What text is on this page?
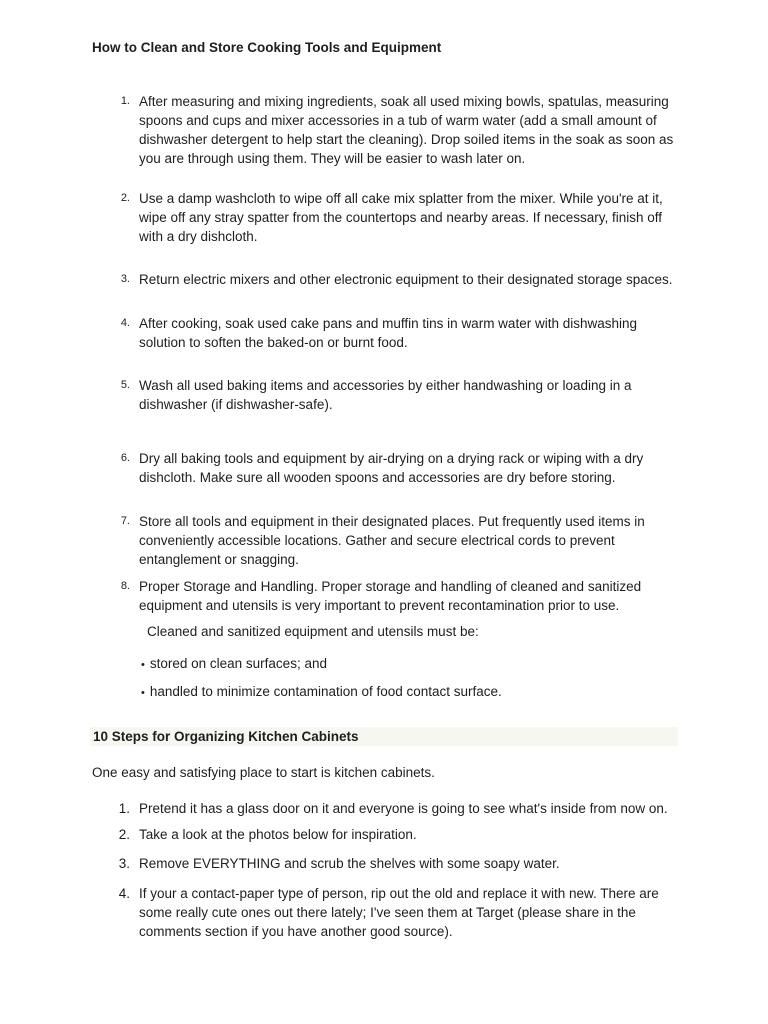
How to Clean and Store Cooking Tools and Equipment
1. After measuring and mixing ingredients, soak all used mixing bowls, spatulas, measuring spoons and cups and mixer accessories in a tub of warm water (add a small amount of dishwasher detergent to help start the cleaning). Drop soiled items in the soak as soon as you are through using them. They will be easier to wash later on.
2. Use a damp washcloth to wipe off all cake mix splatter from the mixer. While you're at it, wipe off any stray spatter from the countertops and nearby areas. If necessary, finish off with a dry dishcloth.
3. Return electric mixers and other electronic equipment to their designated storage spaces.
4. After cooking, soak used cake pans and muffin tins in warm water with dishwashing solution to soften the baked-on or burnt food.
5. Wash all used baking items and accessories by either handwashing or loading in a dishwasher (if dishwasher-safe).
6. Dry all baking tools and equipment by air-drying on a drying rack or wiping with a dry dishcloth. Make sure all wooden spoons and accessories are dry before storing.
7. Store all tools and equipment in their designated places. Put frequently used items in conveniently accessible locations. Gather and secure electrical cords to prevent entanglement or snagging.
8. Proper Storage and Handling. Proper storage and handling of cleaned and sanitized equipment and utensils is very important to prevent recontamination prior to use.
Cleaned and sanitized equipment and utensils must be:
• stored on clean surfaces; and
• handled to minimize contamination of food contact surface.
10 Steps for Organizing Kitchen Cabinets
One easy and satisfying place to start is kitchen cabinets.
1. Pretend it has a glass door on it and everyone is going to see what's inside from now on.
2. Take a look at the photos below for inspiration.
3. Remove EVERYTHING and scrub the shelves with some soapy water.
4. If your a contact-paper type of person, rip out the old and replace it with new. There are some really cute ones out there lately; I've seen them at Target (please share in the comments section if you have another good source).
